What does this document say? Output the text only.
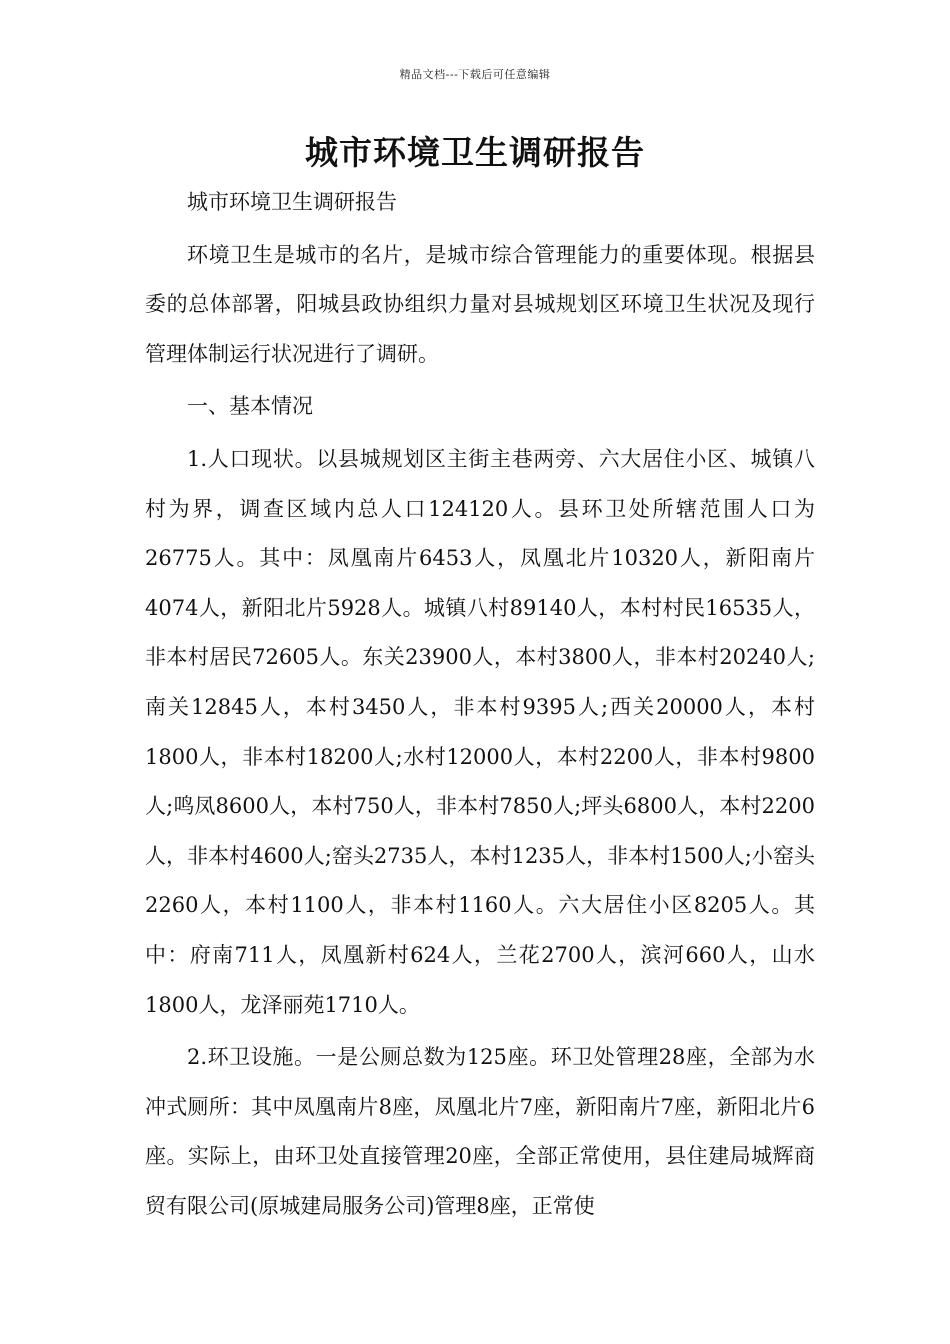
精品文档---下载后可任意编辑
城市环境卫生调研报告

城市环境卫生调研报告

环境卫生是城市的名片，是城市综合管理能力的重要体现。根据县委的总体部署，阳城县政协组织力量对县城规划区环境卫生状况及现行管理体制运行状况进行了调研。

一、基本情况

1.人口现状。以县城规划区主街主巷两旁、六大居住小区、城镇八村为界，调查区域内总人口124120人。县环卫处所辖范围人口为26775人。其中：凤凰南片6453人，凤凰北片10320人，新阳南片4074人，新阳北片5928人。城镇八村89140人，本村村民16535人，非本村居民72605人。东关23900人，本村3800人，非本村20240人;南关12845人，本村3450人，非本村9395人;西关20000人，本村1800人，非本村18200人;水村12000人，本村2200人，非本村9800人;鸣凤8600人，本村750人，非本村7850人;坪头6800人，本村2200人，非本村4600人;窑头2735人，本村1235人，非本村1500人;小窑头2260人，本村1100人，非本村1160人。六大居住小区8205人。其中：府南711人，凤凰新村624人，兰花2700人，滨河660人，山水1800人，龙泽丽苑1710人。

2.环卫设施。一是公厕总数为125座。环卫处管理28座，全部为水冲式厕所：其中凤凰南片8座，凤凰北片7座，新阳南片7座，新阳北片6座。实际上，由环卫处直接管理20座，全部正常使用，县住建局城辉商贸有限公司(原城建局服务公司)管理8座，正常使
